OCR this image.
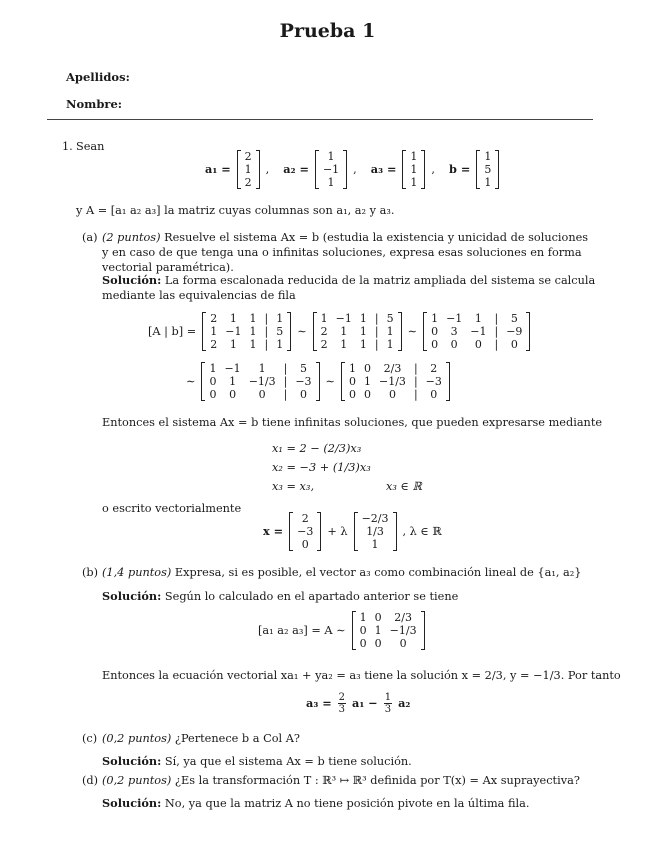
Prueba 1
Apellidos:
Nombre:
1. Sean
a₁ =
2
1
2
, a₂ =
1
−1
1
, a₃ =
1
1
1
, b =
1
5
1
y A = [a₁ a₂ a₃] la matriz cuyas columnas son a₁, a₂ y a₃.
(a) (2 puntos) Resuelve el sistema Ax = b (estudia la existencia y unicidad de soluciones y en caso de que tenga una o infinitas soluciones, expresa esas soluciones en forma vectorial paramétrica).
Solución: La forma escalonada reducida de la matriz ampliada del sistema se calcula mediante las equivalencias de fila
[A | b] =
2	1	1	|	1
1	−1	1	|	5
2	1	1	|	1
∼
1	−1	1	|	5
2	1	1	|	1
2	1	1	|	1
∼
1	−1	1	|	5
0	3	−1	|	−9
0	0	0	|	0
∼
1	−1	1	|	5
0	1	−1/3	|	−3
0	0	0	|	0
∼
1	0	2/3	|	2
0	1	−1/3	|	−3
0	0	0	|	0
Entonces el sistema Ax = b tiene infinitas soluciones, que pueden expresarse mediante
x₁ = 2 − (2/3)x₃
x₂ = −3 + (1/3)x₃
x₃ = x₃,	x₃ ∈ ℝ
o escrito vectorialmente
x =
2
−3
0
+ λ
−2/3
1/3
1
, λ ∈ ℝ
(b) (1,4 puntos) Expresa, si es posible, el vector a₃ como combinación lineal de {a₁, a₂}
Solución: Según lo calculado en el apartado anterior se tiene
[a₁ a₂ a₃] = A ∼
1	0	2/3
0	1	−1/3
0	0	0
Entonces la ecuación vectorial xa₁ + ya₂ = a₃ tiene la solución x = 2/3, y = −1/3. Por tanto
$a_3 = \frac{2}{3} a_1 - \frac{1}{3} a_2$
(c) (0,2 puntos) ¿Pertenece b a Col A?
Solución: Sí, ya que el sistema Ax = b tiene solución.
(d) (0,2 puntos) ¿Es la transformación T : ℝ³ ↦ ℝ³ definida por T(x) = Ax suprayectiva?
Solución: No, ya que la matriz A no tiene posición pivote en la última fila.
